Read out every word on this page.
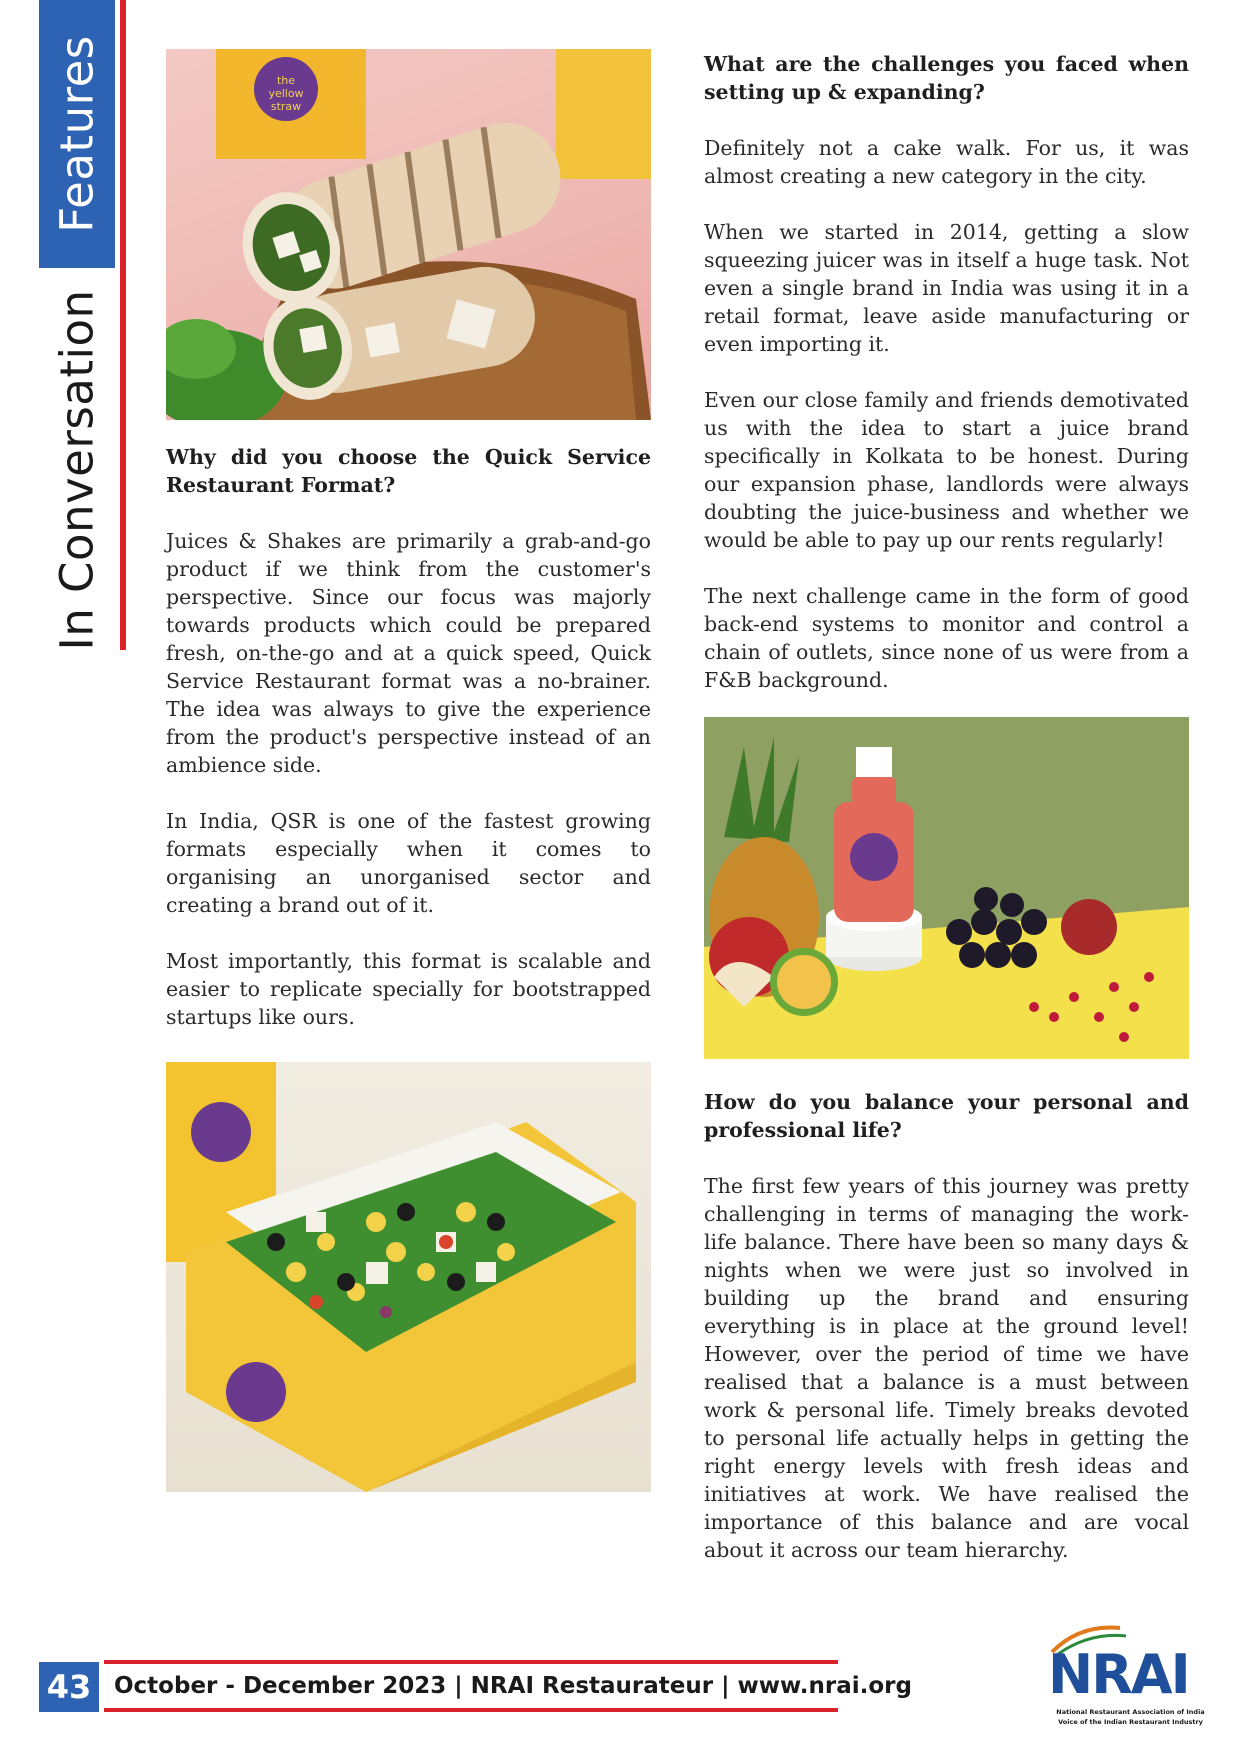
Features
In Conversation
the
yellow
straw

Why did you choose the Quick Service Restaurant Format?

Juices & Shakes are primarily a grab-and-go product if we think from the customer's perspective. Since our focus was majorly towards products which could be prepared fresh, on-the-go and at a quick speed, Quick Service Restaurant format was a no-brainer. The idea was always to give the experience from the product's perspective instead of an ambience side.

In India, QSR is one of the fastest growing formats especially when it comes to organising an unorganised sector and creating a brand out of it.

Most importantly, this format is scalable and easier to replicate specially for bootstrapped startups like ours.

What are the challenges you faced when setting up & expanding?

Definitely not a cake walk. For us, it was almost creating a new category in the city.

When we started in 2014, getting a slow squeezing juicer was in itself a huge task. Not even a single brand in India was using it in a retail format, leave aside manufacturing or even importing it.

Even our close family and friends demotivated us with the idea to start a juice brand specifically in Kolkata to be honest. During our expansion phase, landlords were always doubting the juice-business and whether we would be able to pay up our rents regularly!

The next challenge came in the form of good back-end systems to monitor and control a chain of outlets, since none of us were from a F&B background.

How do you balance your personal and professional life?

The first few years of this journey was pretty challenging in terms of managing the work-life balance. There have been so many days & nights when we were just so involved in building up the brand and ensuring everything is in place at the ground level! However, over the period of time we have realised that a balance is a must between work & personal life. Timely breaks devoted to personal life actually helps in getting the right energy levels with fresh ideas and initiatives at work. We have realised the importance of this balance and are vocal about it across our team hierarchy.

43 October - December 2023 | NRAI Restaurateur | www.nrai.org	NRAI
National Restaurant Association of India
Voice of the Indian Restaurant Industry
